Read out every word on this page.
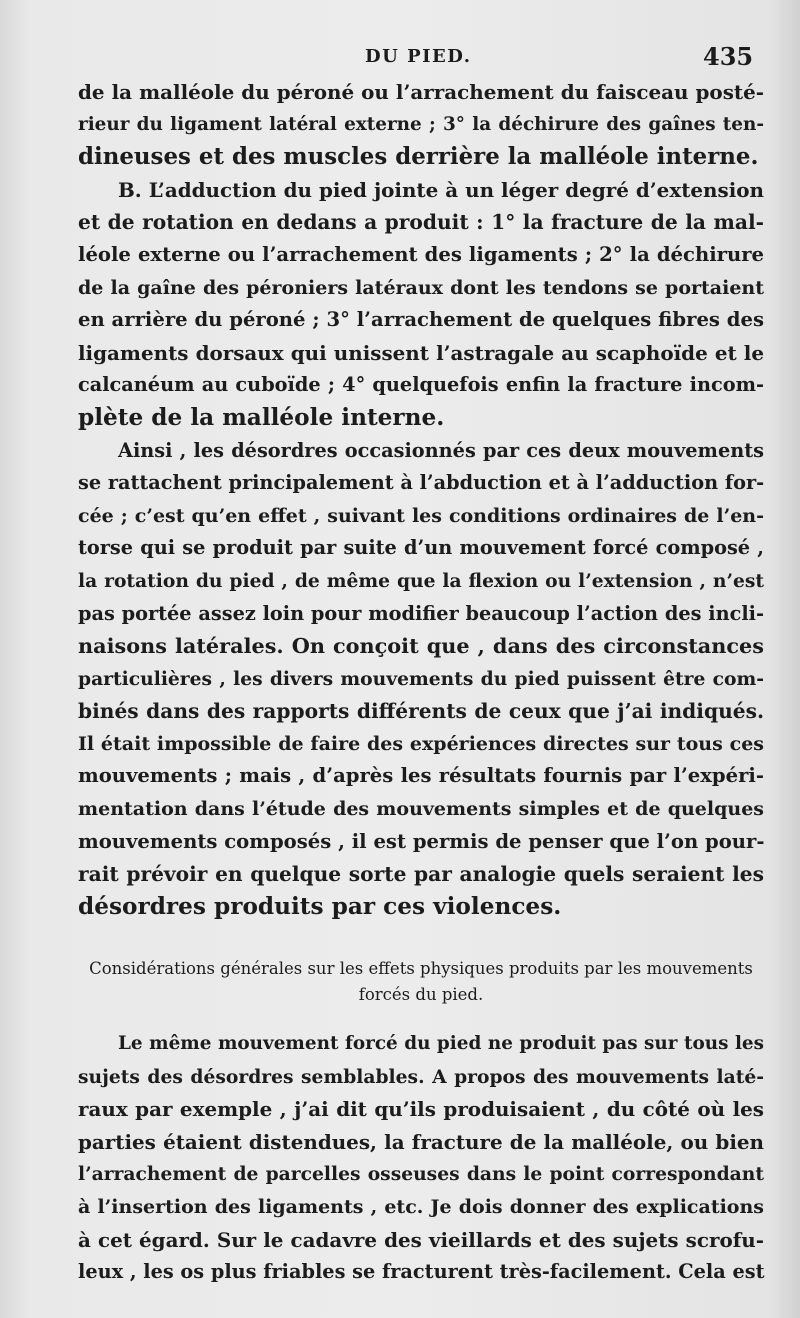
DU PIED.	435

de la malléole du péroné ou l’arrachement du faisceau posté-
rieur du ligament latéral externe ; 3° la déchirure des gaînes ten-
dineuses et des muscles derrière la malléole interne.

B. L’adduction du pied jointe à un léger degré d’extension
et de rotation en dedans a produit : 1° la fracture de la mal-
léole externe ou l’arrachement des ligaments ; 2° la déchirure
de la gaîne des péroniers latéraux dont les tendons se portaient
en arrière du péroné ; 3° l’arrachement de quelques fibres des
ligaments dorsaux qui unissent l’astragale au scaphoïde et le
calcanéum au cuboïde ; 4° quelquefois enfin la fracture incom-
plète de la malléole interne.

Ainsi , les désordres occasionnés par ces deux mouvements
se rattachent principalement à l’abduction et à l’adduction for-
cée ; c’est qu’en effet , suivant les conditions ordinaires de l’en-
torse qui se produit par suite d’un mouvement forcé composé ,
la rotation du pied , de même que la flexion ou l’extension , n’est
pas portée assez loin pour modifier beaucoup l’action des incli-
naisons latérales. On conçoit que , dans des circonstances
particulières , les divers mouvements du pied puissent être com-
binés dans des rapports différents de ceux que j’ai indiqués.
Il était impossible de faire des expériences directes sur tous ces
mouvements ; mais , d’après les résultats fournis par l’expéri-
mentation dans l’étude des mouvements simples et de quelques
mouvements composés , il est permis de penser que l’on pour-
rait prévoir en quelque sorte par analogie quels seraient les
désordres produits par ces violences.

Considérations générales sur les effets physiques produits par les mouvements
forcés du pied.

Le même mouvement forcé du pied ne produit pas sur tous les
sujets des désordres semblables. A propos des mouvements laté-
raux par exemple , j’ai dit qu’ils produisaient , du côté où les
parties étaient distendues, la fracture de la malléole, ou bien
l’arrachement de parcelles osseuses dans le point correspondant
à l’insertion des ligaments , etc. Je dois donner des explications
à cet égard. Sur le cadavre des vieillards et des sujets scrofu-
leux , les os plus friables se fracturent très-facilement. Cela est
